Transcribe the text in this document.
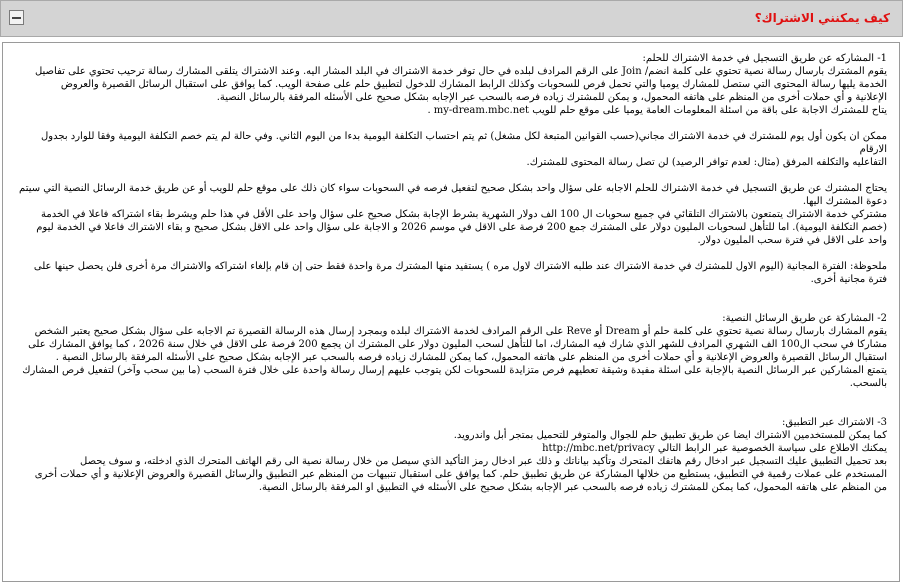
كيف يمكنني الاشتراك؟

1- المشاركه عن طريق التسجيل في خدمة الاشتراك للحلم:

يقوم المشترك بارسال رسالة نصية تحتوي على كلمة انضم/ Join على الرقم المرادف لبلده في حال توفر خدمة الاشتراك في البلد المشار اليه. وعند الاشتراك يتلقى المشارك رسالة ترحيب تحتوي على تفاصيل

الخدمة يليها رسالة المحتوى التي ستصل للمشارك يوميا والتي تحمل فرص للسحوبات وكذلك الرابط المشارك للدخول لتطبيق حلم على صفحة الويب. كما يوافق على استقبال الرسائل القصيرة والعروض

الإعلانية و أي حملات أخرى من المنظم على هاتفه المحمول، و يمكن للمشترك زياده فرصه بالسحب عبر الإجابه بشكل صحيح على الأسئله المرفقة بالرسائل النصية.

يتاح للمشترك الاجابة على باقة من اسئلة المعلومات العامة يوميا على موقع حلم للويب my-dream.mbc.net .

ممكن ان يكون أول يوم للمشترك في خدمة الاشتراك مجاني(حسب القوانين المتبعة لكل مشغل) ثم يتم احتساب التكلفة اليومية بدءا من اليوم الثاني. وفي حالة لم يتم خصم التكلفة اليومية وفقا للوارد بجدول الارقام

التفاعليه والتكلفه المرفق (مثال: لعدم توافر الرصيد) لن تصل رسالة المحتوى للمشترك.

يحتاج المشترك عن طريق التسجيل في خدمة الاشتراك للحلم الاجابه على سؤال واحد بشكل صحيح لتفعيل فرصه في السحوبات سواء كان ذلك على موقع حلم للويب أو عن طريق خدمة الرسائل النصية التي سيتم

دعوة المشترك اليها.

مشتركي خدمة الاشتراك يتمتعون بالاشتراك التلقائي في جميع سحوبات ال 100 الف دولار الشهرية بشرط الإجابة بشكل صحيح على سؤال واحد على الأقل في هذا حلم ويشرط بقاء اشتراكه فاعلا في الخدمة

(خصم التكلفة اليومية). اما للتأهل لسحوبات المليون دولار على المشترك جمع 200 فرصة على الاقل في موسم 2026 و الاجابة على سؤال واحد على الاقل بشكل صحيح و بقاء الاشتراك فاعلا في الخدمة ليوم

واحد على الاقل في فترة سحب المليون دولار.

ملحوظة: الفترة المجانية (اليوم الاول للمشترك في خدمة الاشتراك عند طلبه الاشتراك لاول مره ) يستفيد منها المشترك مرة واحدة فقط حتى إن قام بإلغاء اشتراكه والاشتراك مرة أخرى فلن يحصل حينها على

فترة مجانية أخرى.

2- المشاركة عن طريق الرسائل النصية:

يقوم المشارك بارسال رسالة نصية تحتوي على كلمة حلم أو Dream أو Reve على الرقم المرادف لخدمة الاشتراك لبلده وبمجرد إرسال هذه الرسالة القصيرة تم الاجابه على سؤال بشكل صحيح يعتبر الشخص

مشاركا في سحب ال100 الف الشهري المرادف للشهر الذي شارك فيه المشارك، اما للتأهل لسحب المليون دولار على المشترك ان يجمع 200 فرصة على الاقل في خلال سنة 2026 ، كما يوافق المشارك على

استقبال الرسائل القصيرة والعروض الإعلانية و أي حملات أخرى من المنظم على هاتفه المحمول، كما يمكن للمشارك زياده فرصه بالسحب عبر الإجابه بشكل صحيح على الأسئله المرفقة بالرسائل النصية .

يتمتع المشاركين عبر الرسائل النصية بالإجابة على اسئلة مفيدة وشيقة تعطيهم فرص متزايدة للسحوبات لكن يتوجب عليهم إرسال رسالة واحدة على خلال فترة السحب (ما بين سحب وآخر) لتفعيل فرص المشارك

بالسحب.

3- الاشتراك عبر التطبيق:

كما يمكن للمستخدمين الاشتراك ايضا عن طريق تطبيق حلم للجوال والمتوفر للتحميل بمتجر أبل واندرويد.

يمكنك الاطلاع على سياسة الخصوصية عبر الرابط التالي http://mbc.net/privacy

بعد تحميل التطبيق عليك التسجيل عبر ادخال رقم هاتفك المتحرك وتأكيد بياناتك و ذلك عبر ادخال رمز التأكيد الذي سيصل من خلال رسالة نصية الى رقم الهاتف المتحرك الذي ادخلته، و سوف يحصل

المستخدم على عملات رقمية في التطبيق، يستطيع من خلالها المشاركة عن طريق تطبيق حلم. كما يوافق على استقبال تنبيهات من المنظم عبر التطبيق والرسائل القصيرة والعروض الإعلانية و أي حملات أخرى

من المنظم على هاتفه المحمول، كما يمكن للمشترك زياده فرصه بالسحب عبر الإجابه بشكل صحيح على الأسئله في التطبيق او المرفقة بالرسائل النصية.
